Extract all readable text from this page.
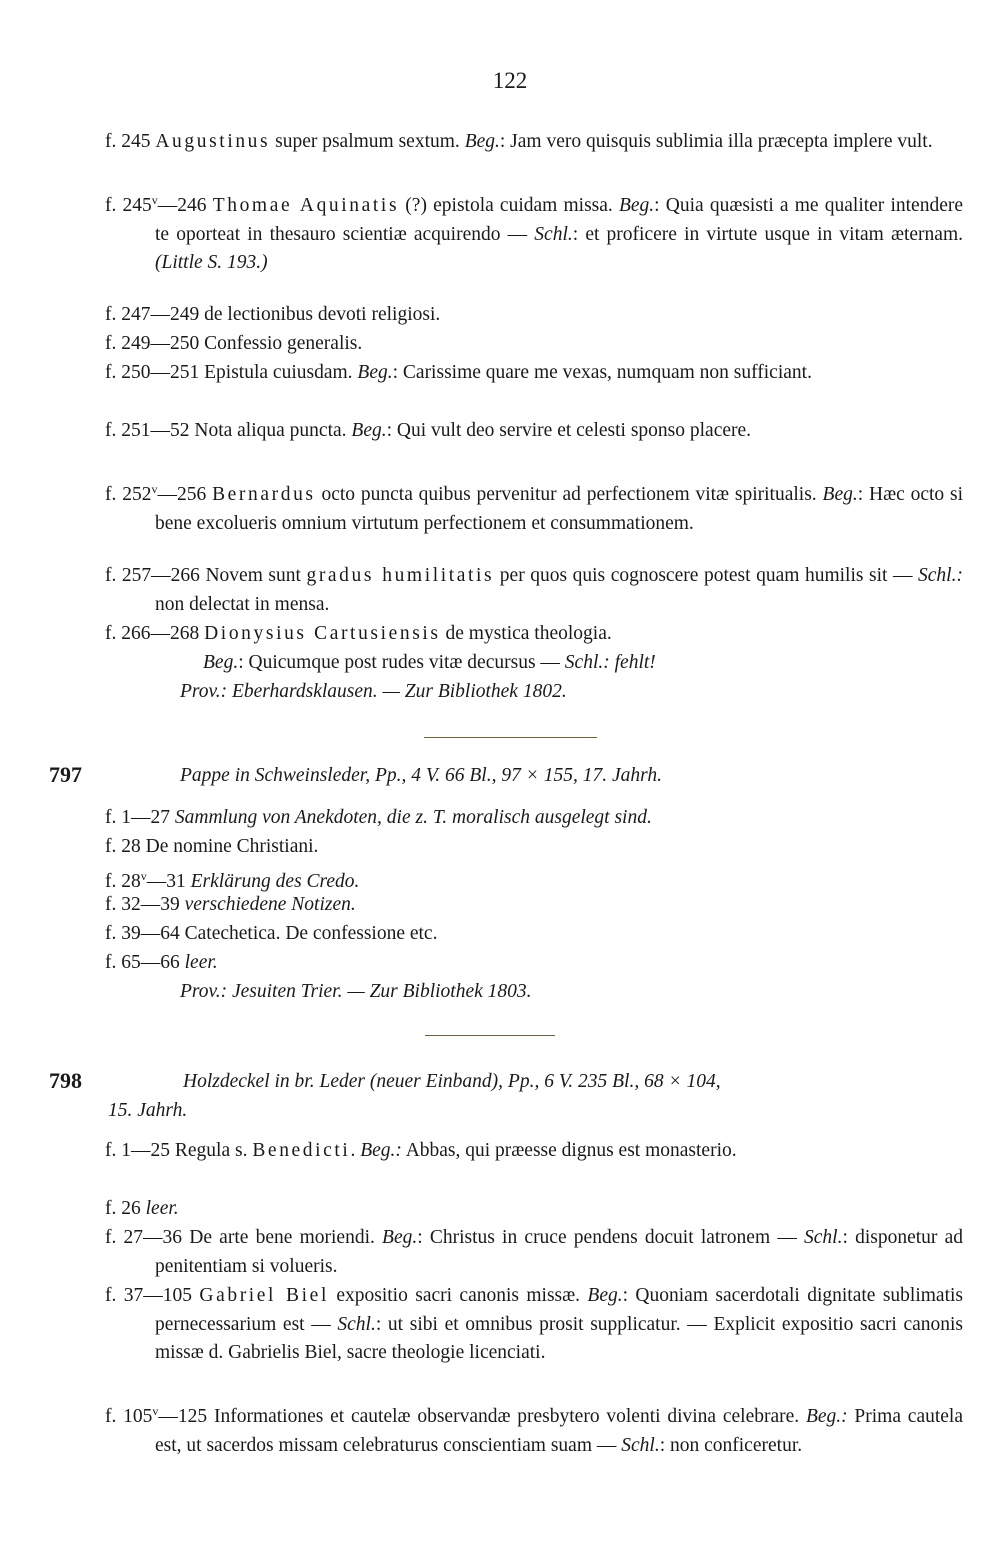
122
f. 245 Augustinus super psalmum sextum. Beg.: Jam vero quisquis sublimia illa præcepta implere vult.
f. 245$^v$—246 Thomae Aquinatis (?) epistola cuidam missa. Beg.: Quia quæsisti a me qualiter intendere te oporteat in thesauro scientiæ acquirendo — Schl.: et proficere in virtute usque in vitam æternam. (Little S. 193.)
f. 247—249 de lectionibus devoti religiosi.
f. 249—250 Confessio generalis.
f. 250—251 Epistula cuiusdam. Beg.: Carissime quare me vexas, numquam non sufficiant.
f. 251—52 Nota aliqua puncta. Beg.: Qui vult deo servire et celesti sponso placere.
f. 252$^v$—256 Bernardus octo puncta quibus pervenitur ad perfectionem vitæ spiritualis. Beg.: Hæc octo si bene excolueris omnium virtutum perfectionem et consummationem.
f. 257—266 Novem sunt gradus humilitatis per quos quis cognoscere potest quam humilis sit — Schl.: non delectat in mensa.
f. 266—268 Dionysius Cartusiensis de mystica theologia.
Beg.: Quicumque post rudes vitæ decursus — Schl.: fehlt!
Prov.: Eberhardsklausen. — Zur Bibliothek 1802.
797	Pappe in Schweinsleder, Pp., 4 V. 66 Bl., 97 × 155, 17. Jahrh.
f. 1—27 Sammlung von Anekdoten, die z. T. moralisch ausgelegt sind.
f. 28 De nomine Christiani.
f. 28$^v$—31 Erklärung des Credo.
f. 32—39 verschiedene Notizen.
f. 39—64 Catechetica. De confessione etc.
f. 65—66 leer.
Prov.: Jesuiten Trier. — Zur Bibliothek 1803.
798	Holzdeckel in br. Leder (neuer Einband), Pp., 6 V. 235 Bl., 68 × 104,
15. Jahrh.
f. 1—25 Regula s. Benedicti. Beg.: Abbas, qui præesse dignus est monasterio.
f. 26 leer.
f. 27—36 De arte bene moriendi. Beg.: Christus in cruce pendens docuit latronem — Schl.: disponetur ad penitentiam si volueris.
f. 37—105 Gabriel Biel expositio sacri canonis missæ. Beg.: Quoniam sacerdotali dignitate sublimatis pernecessarium est — Schl.: ut sibi et omnibus prosit supplicatur. — Explicit expositio sacri canonis missæ d. Gabrielis Biel, sacre theologie licenciati.
f. 105$^v$—125 Informationes et cautelæ observandæ presbytero volenti divina celebrare. Beg.: Prima cautela est, ut sacerdos missam celebraturus conscientiam suam — Schl.: non conficeretur.
